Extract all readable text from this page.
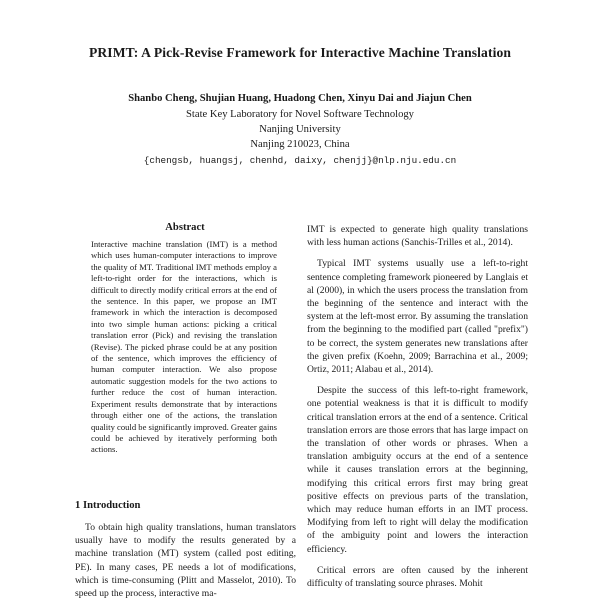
PRIMT: A Pick-Revise Framework for Interactive Machine Translation
Shanbo Cheng, Shujian Huang, Huadong Chen, Xinyu Dai and Jiajun Chen
State Key Laboratory for Novel Software Technology
Nanjing University
Nanjing 210023, China
{chengsb, huangsj, chenhd, daixy, chenjj}@nlp.nju.edu.cn
Abstract
Interactive machine translation (IMT) is a method which uses human-computer interactions to improve the quality of MT. Traditional IMT methods employ a left-to-right order for the interactions, which is difficult to directly modify critical errors at the end of the sentence. In this paper, we propose an IMT framework in which the interaction is decomposed into two simple human actions: picking a critical translation error (Pick) and revising the translation (Revise). The picked phrase could be at any position of the sentence, which improves the efficiency of human computer interaction. We also propose automatic suggestion models for the two actions to further reduce the cost of human interaction. Experiment results demonstrate that by interactions through either one of the actions, the translation quality could be significantly improved. Greater gains could be achieved by iteratively performing both actions.
1 Introduction
To obtain high quality translations, human translators usually have to modify the results generated by a machine translation (MT) system (called post editing, PE). In many cases, PE needs a lot of modifications, which is time-consuming (Plitt and Masselot, 2010). To speed up the process, interactive ma-

IMT is expected to generate high quality translations with less human actions (Sanchis-Trilles et al., 2014).

Typical IMT systems usually use a left-to-right sentence completing framework pioneered by Langlais et al (2000), in which the users process the translation from the beginning of the sentence and interact with the system at the left-most error. By assuming the translation from the beginning to the modified part (called "prefix") to be correct, the system generates new translations after the given prefix (Koehn, 2009; Barrachina et al., 2009; Ortiz, 2011; Alabau et al., 2014).

Despite the success of this left-to-right framework, one potential weakness is that it is difficult to modify critical translation errors at the end of a sentence. Critical translation errors are those errors that has large impact on the translation of other words or phrases. When a translation ambiguity occurs at the end of a sentence while it causes translation errors at the beginning, modifying this critical errors first may bring great positive effects on previous parts of the translation, which may reduce human efforts in an IMT process. Modifying from left to right will delay the modification of the ambiguity point and lowers the interaction efficiency.

Critical errors are often caused by the inherent difficulty of translating source phrases. Mohit
